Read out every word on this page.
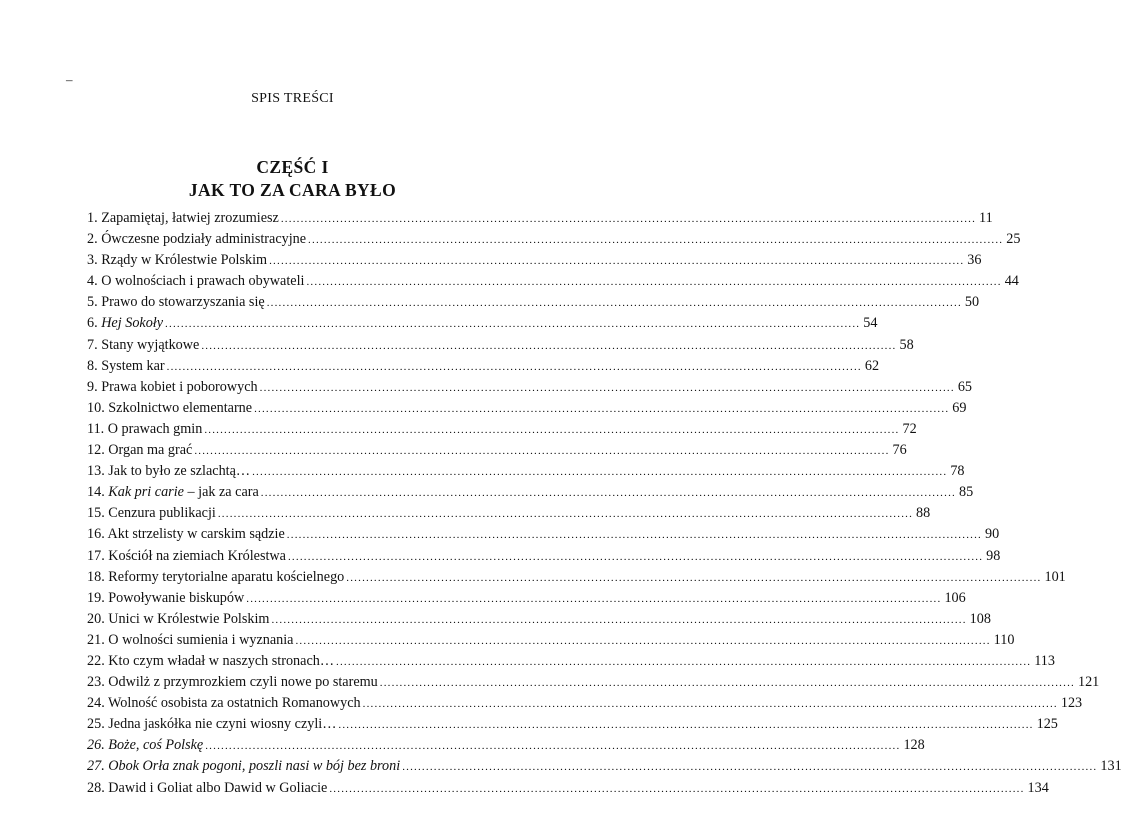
–
SPIS TREŚCI
CZĘŚĆ I
JAK TO ZA CARA BYŁO
1. Zapamiętaj, łatwiej zrozumiesz .....	11
2. Ówczesne podziały administracyjne .....	25
3. Rządy w Królestwie Polskim .....	36
4. O wolnościach i prawach obywateli .....	44
5. Prawo do stowarzyszania się .....	50
6. Hej Sokoły .....	54
7. Stany wyjątkowe .....	58
8. System kar .....	62
9. Prawa kobiet i poborowych .....	65
10. Szkolnictwo elementarne .....	69
11. O prawach gmin .....	72
12. Organ ma grać .....	76
13. Jak to było ze szlachtą… .....	78
14. Kak pri carie – jak za cara .....	85
15. Cenzura publikacji .....	88
16. Akt strzelisty w carskim sądzie .....	90
17. Kościół na ziemiach Królestwa .....	98
18. Reformy terytorialne aparatu kościelnego .....	101
19. Powoływanie biskupów .....	106
20. Unici w Królestwie Polskim .....	108
21. O wolności sumienia i wyznania .....	110
22. Kto czym władał w naszych stronach… .....	113
23. Odwilż z przymrozkiem czyli nowe po staremu .....	121
24. Wolność osobista za ostatnich Romanowych .....	123
25. Jedna jaskółka nie czyni wiosny czyli… .....	125
26. Boże, coś Polskę .....	128
27. Obok Orła znak pogoni, poszli nasi w bój bez broni .....	131
28. Dawid i Goliat albo Dawid w Goliacie .....	134
